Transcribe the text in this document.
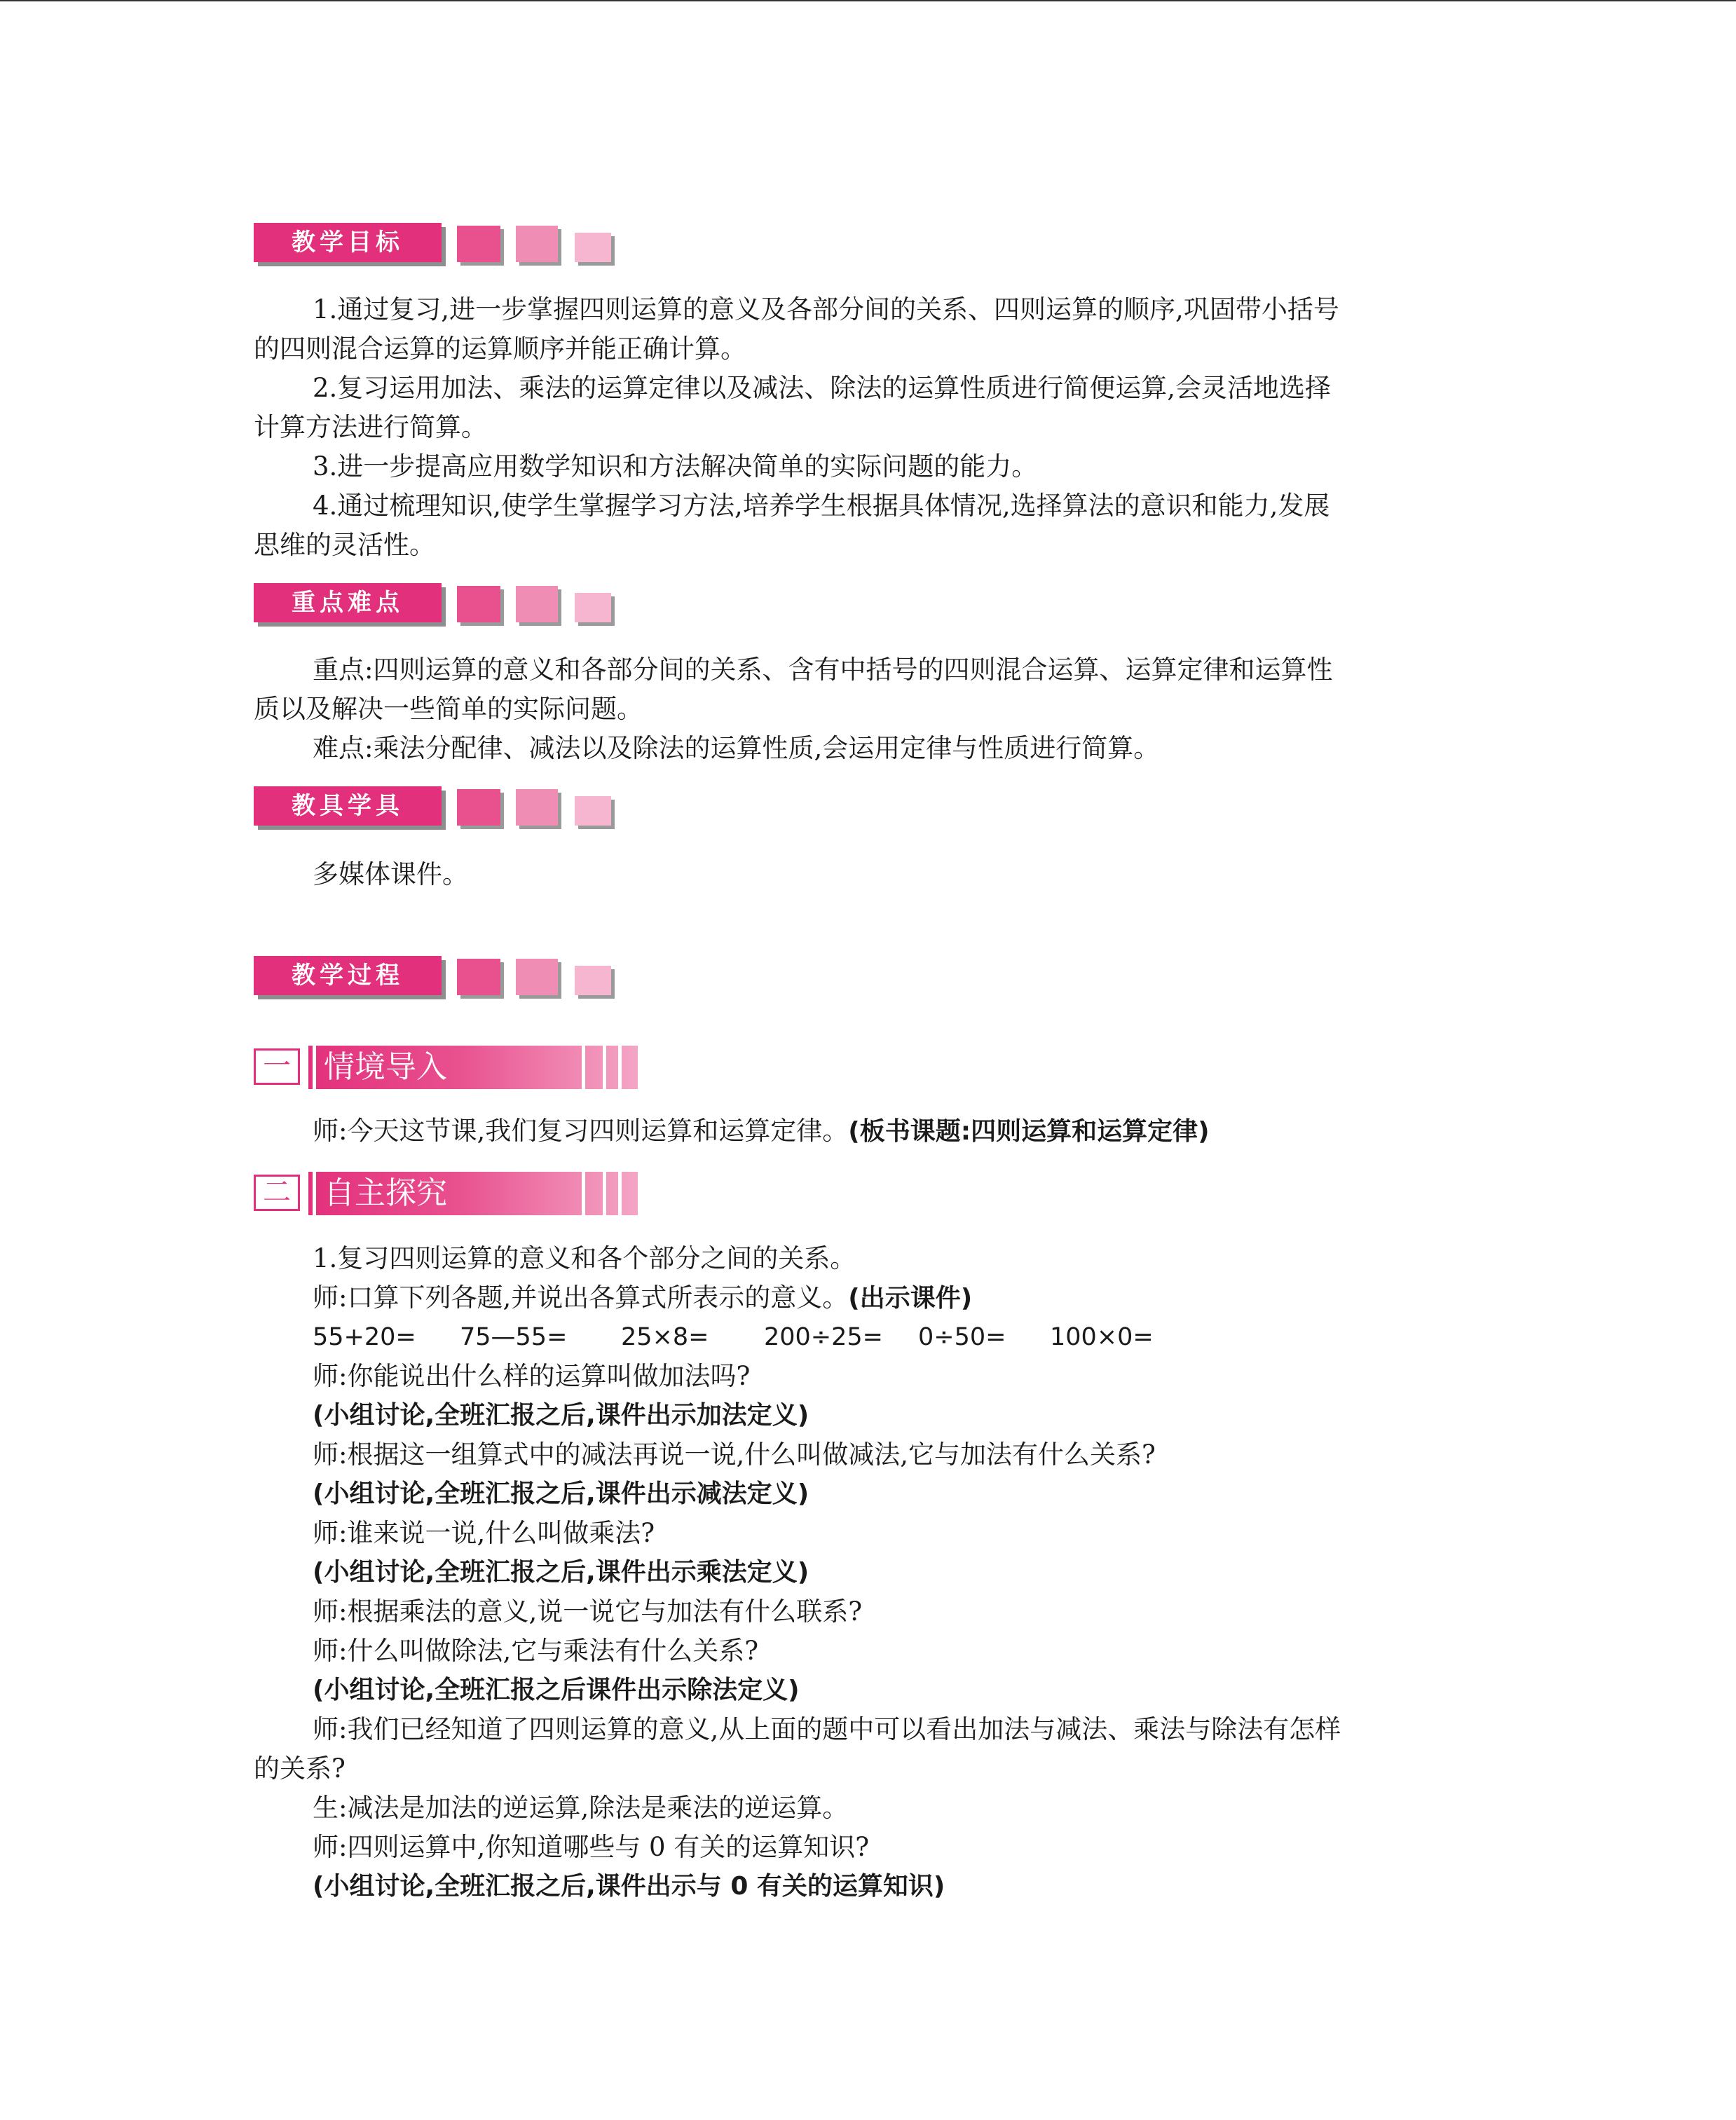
教学目标
1.通过复习,进一步掌握四则运算的意义及各部分间的关系、四则运算的顺序,巩固带小括号
的四则混合运算的运算顺序并能正确计算。
2.复习运用加法、乘法的运算定律以及减法、除法的运算性质进行简便运算,会灵活地选择
计算方法进行简算。
3.进一步提高应用数学知识和方法解决简单的实际问题的能力。
4.通过梳理知识,使学生掌握学习方法,培养学生根据具体情况,选择算法的意识和能力,发展
思维的灵活性。
重点难点
重点:四则运算的意义和各部分间的关系、含有中括号的四则混合运算、运算定律和运算性
质以及解决一些简单的实际问题。
难点:乘法分配律、减法以及除法的运算性质,会运用定律与性质进行简算。
教具学具
多媒体课件。
教学过程
一 情境导入
师:今天这节课,我们复习四则运算和运算定律。(板书课题:四则运算和运算定律)
二 自主探究
1.复习四则运算的意义和各个部分之间的关系。
师:口算下列各题,并说出各算式所表示的意义。(出示课件)
55+20= 75—55= 25×8= 200÷25= 0÷50= 100×0=
师:你能说出什么样的运算叫做加法吗?
(小组讨论,全班汇报之后,课件出示加法定义)
师:根据这一组算式中的减法再说一说,什么叫做减法,它与加法有什么关系?
(小组讨论,全班汇报之后,课件出示减法定义)
师:谁来说一说,什么叫做乘法?
(小组讨论,全班汇报之后,课件出示乘法定义)
师:根据乘法的意义,说一说它与加法有什么联系?
师:什么叫做除法,它与乘法有什么关系?
(小组讨论,全班汇报之后课件出示除法定义)
师:我们已经知道了四则运算的意义,从上面的题中可以看出加法与减法、乘法与除法有怎样
的关系?
生:减法是加法的逆运算,除法是乘法的逆运算。
师:四则运算中,你知道哪些与 0 有关的运算知识?
(小组讨论,全班汇报之后,课件出示与 0 有关的运算知识)
